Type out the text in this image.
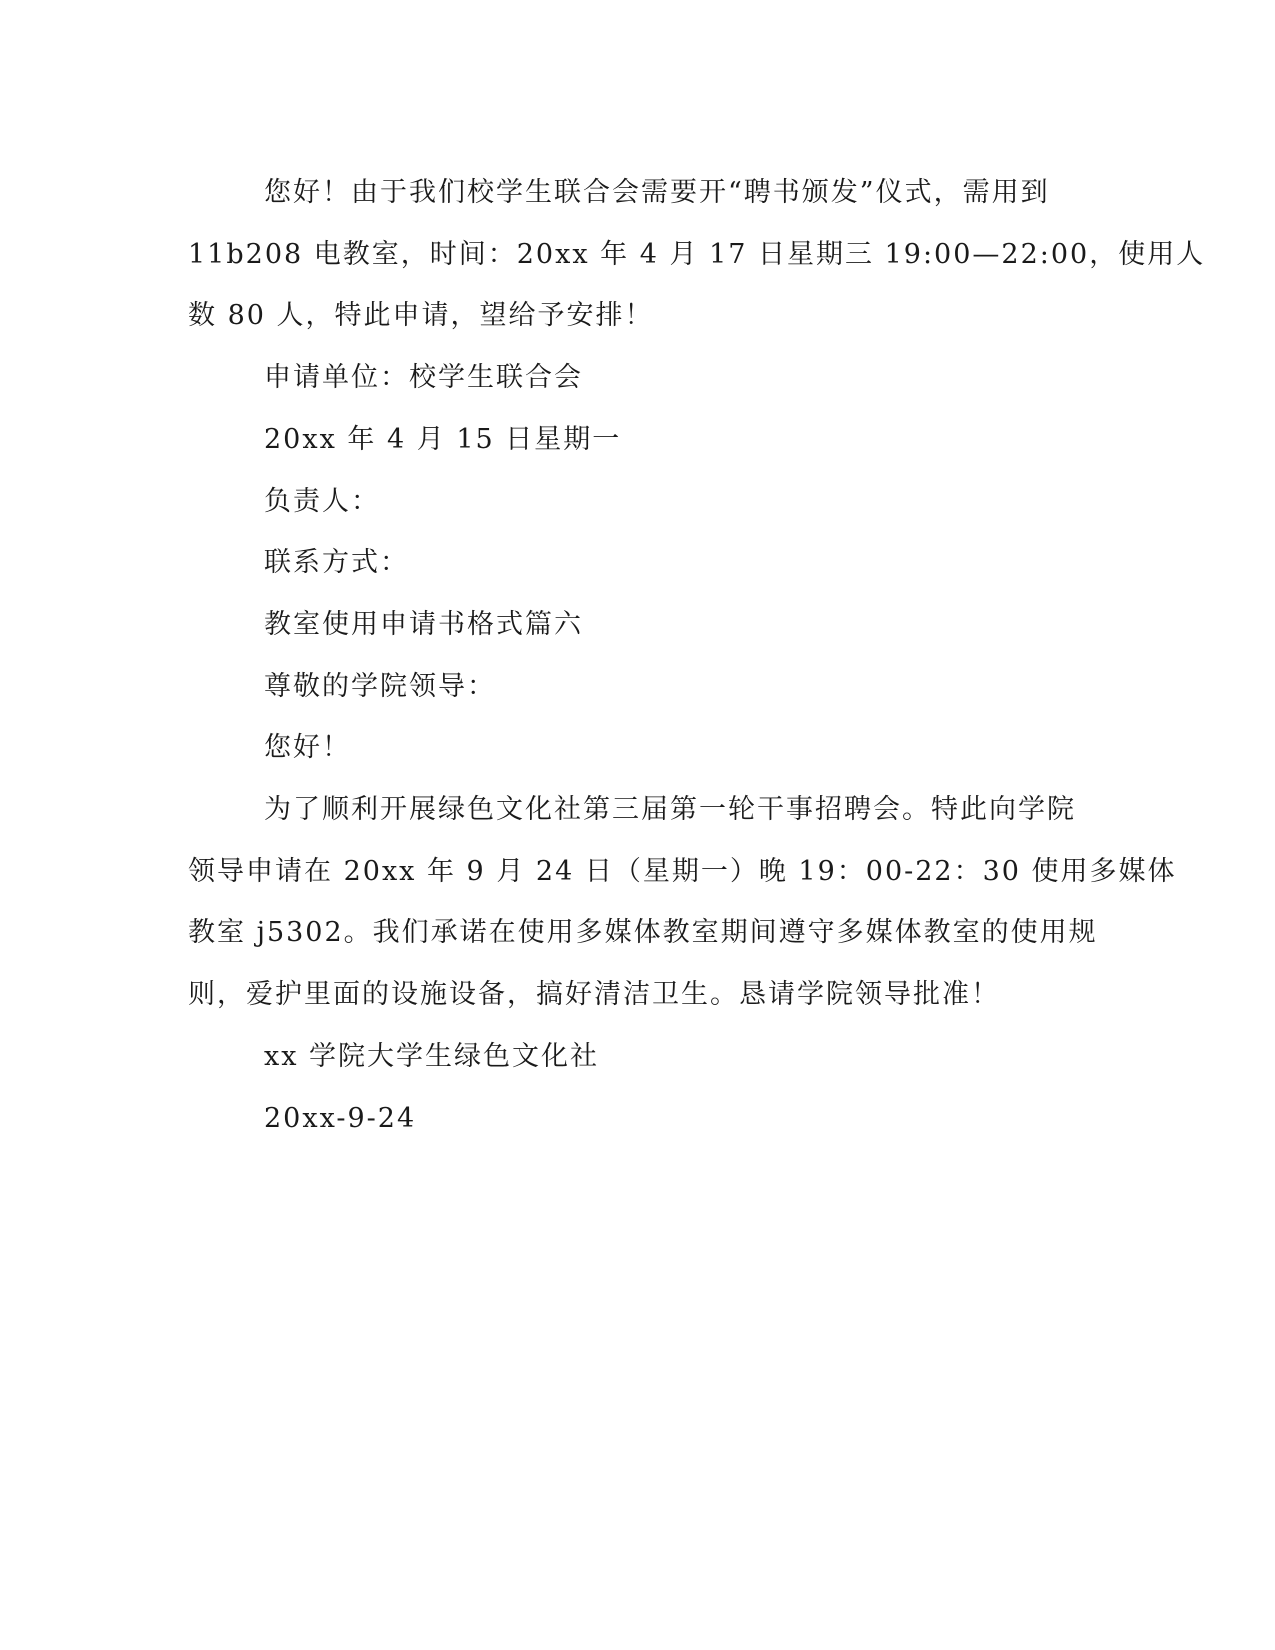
您好！由于我们校学生联合会需要开“聘书颁发”仪式，需用到

11b208 电教室，时间：20xx 年 4 月 17 日星期三 19:00—22:00，使用人

数 80 人，特此申请，望给予安排！

申请单位：校学生联合会

20xx 年 4 月 15 日星期一

负责人：

联系方式：

教室使用申请书格式篇六

尊敬的学院领导：

您好！

为了顺利开展绿色文化社第三届第一轮干事招聘会。特此向学院

领导申请在 20xx 年 9 月 24 日（星期一）晚 19：00-22：30 使用多媒体

教室 j5302。我们承诺在使用多媒体教室期间遵守多媒体教室的使用规

则，爱护里面的设施设备，搞好清洁卫生。恳请学院领导批准！

xx 学院大学生绿色文化社

20xx-9-24
